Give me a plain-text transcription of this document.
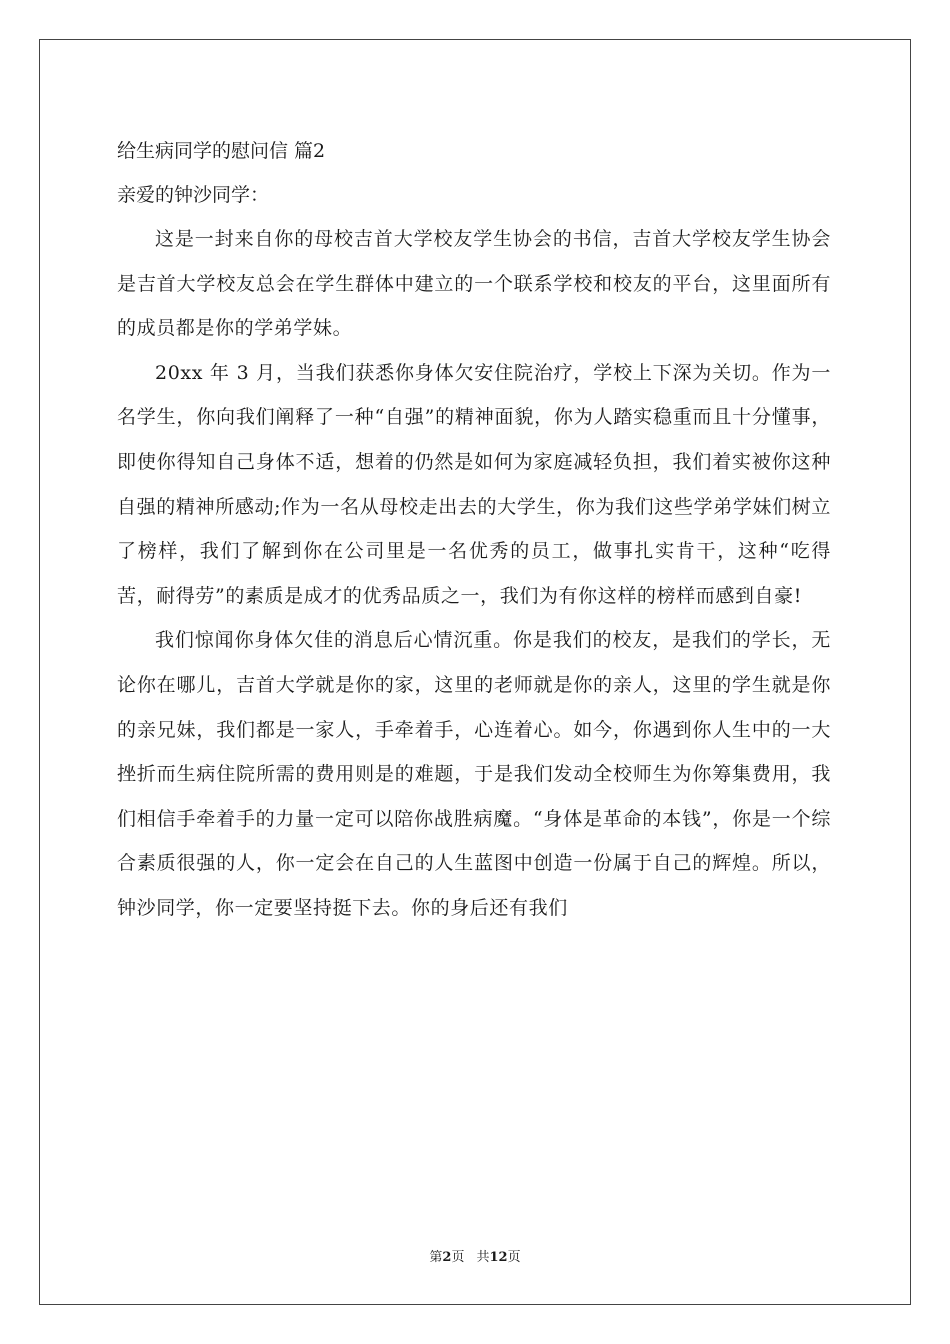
给生病同学的慰问信 篇2

亲爱的钟沙同学：

这是一封来自你的母校吉首大学校友学生协会的书信，吉首大学校友学生协会是吉首大学校友总会在学生群体中建立的一个联系学校和校友的平台，这里面所有的成员都是你的学弟学妹。

20xx 年 3 月，当我们获悉你身体欠安住院治疗，学校上下深为关切。作为一名学生，你向我们阐释了一种“自强”的精神面貌，你为人踏实稳重而且十分懂事，即使你得知自己身体不适，想着的仍然是如何为家庭减轻负担，我们着实被你这种自强的精神所感动;作为一名从母校走出去的大学生，你为我们这些学弟学妹们树立了榜样，我们了解到你在公司里是一名优秀的员工，做事扎实肯干，这种“吃得苦，耐得劳”的素质是成才的优秀品质之一，我们为有你这样的榜样而感到自豪!

我们惊闻你身体欠佳的消息后心情沉重。你是我们的校友，是我们的学长，无论你在哪儿，吉首大学就是你的家，这里的老师就是你的亲人，这里的学生就是你的亲兄妹，我们都是一家人，手牵着手，心连着心。如今，你遇到你人生中的一大挫折而生病住院所需的费用则是的难题，于是我们发动全校师生为你筹集费用，我们相信手牵着手的力量一定可以陪你战胜病魔。“身体是革命的本钱”，你是一个综合素质很强的人，你一定会在自己的人生蓝图中创造一份属于自己的辉煌。所以，钟沙同学，你一定要坚持挺下去。你的身后还有我们

第2页 共12页
